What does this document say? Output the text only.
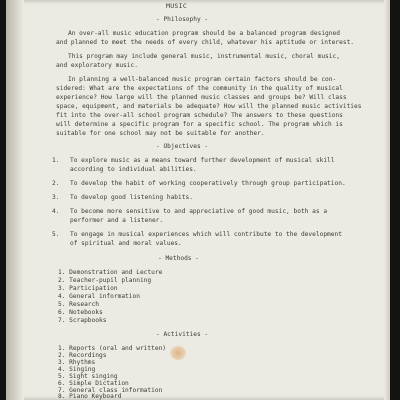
MUSIC
- Philosophy -
An over-all music education program should be a balanced program designed
and planned to meet the needs of every child, whatever his aptitude or interest.
This program may include general music, instrumental music, choral music,
and exploratory music.
In planning a well-balanced music program certain factors should be con-
sidered: What are the expectations of the community in the quality of musical
experience? How large will the planned music classes and groups be? Will class
space, equipment, and materials be adequate? How will the planned music activities
fit into the over-all school program schedule? The answers to these questions
will determine a specific program for a specific school. The program which is
suitable for one school may not be suitable for another.
- Objectives -
1. To explore music as a means toward further development of musical skill
according to individual abilities.
2. To develop the habit of working cooperatively through group participation.
3. To develop good listening habits.
4. To become more sensitive to and appreciative of good music, both as a
performer and a listener.
5. To engage in musical experiences which will contribute to the development
of spiritual and moral values.
- Methods -
1. Demonstration and Lecture
2. Teacher-pupil planning
3. Participation
4. General information
5. Research
6. Notebooks
7. Scrapbooks
- Activities -
1. Reports (oral and written)
2. Recordings
3. Rhythms
4. Singing
5. Sight singing
6. Simple Dictation
7. General class information
8. Piano Keyboard
